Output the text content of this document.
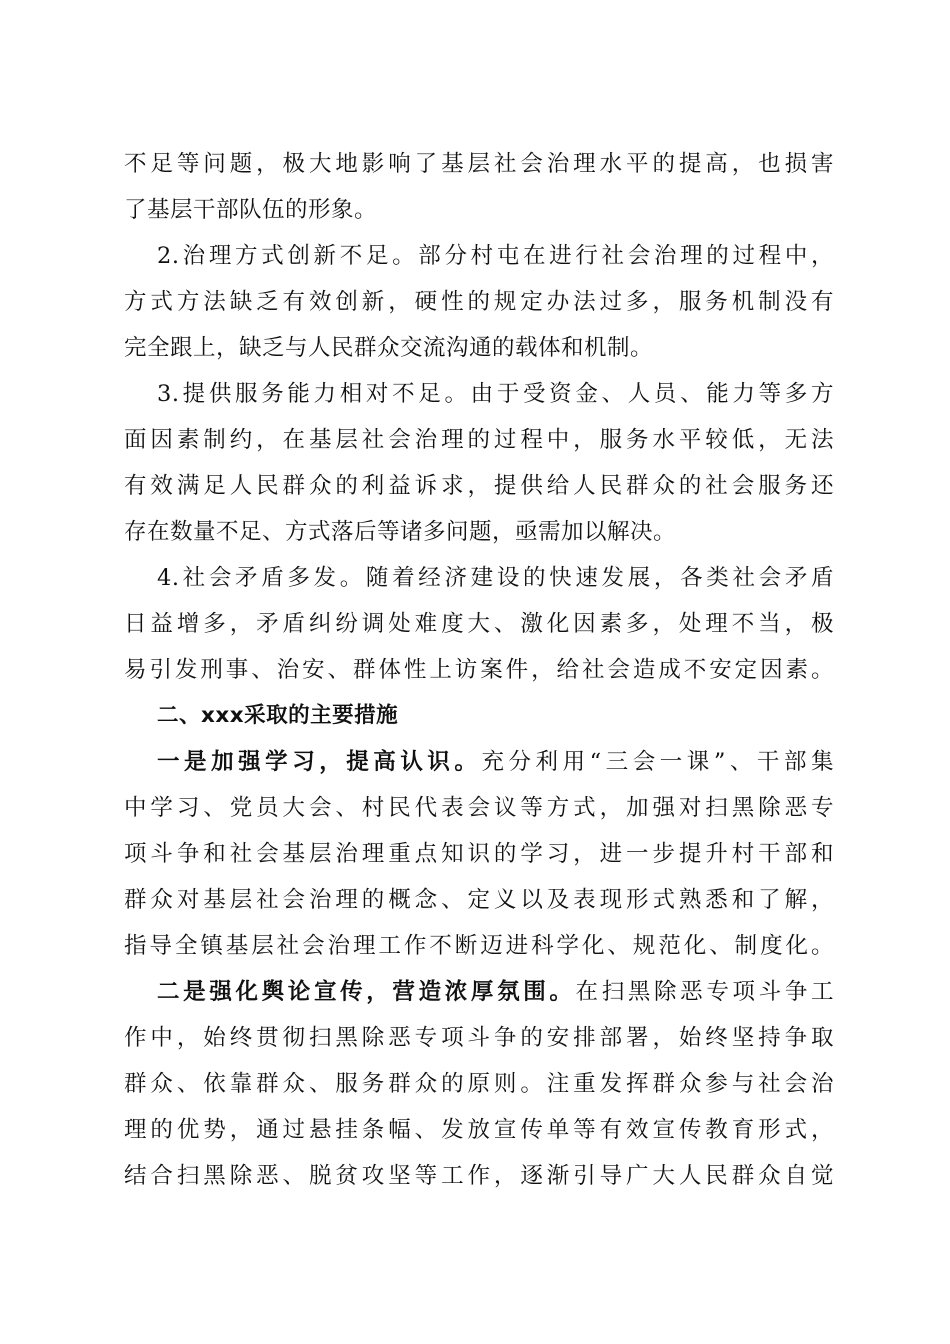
不足等问题，极大地影响了基层社会治理水平的提高，也损害
了基层干部队伍的形象。
2.治理方式创新不足。部分村屯在进行社会治理的过程中，
方式方法缺乏有效创新，硬性的规定办法过多，服务机制没有
完全跟上，缺乏与人民群众交流沟通的载体和机制。
3.提供服务能力相对不足。由于受资金、人员、能力等多方
面因素制约，在基层社会治理的过程中，服务水平较低，无法
有效满足人民群众的利益诉求，提供给人民群众的社会服务还
存在数量不足、方式落后等诸多问题，亟需加以解决。
4.社会矛盾多发。随着经济建设的快速发展，各类社会矛盾
日益增多，矛盾纠纷调处难度大、激化因素多，处理不当，极
易引发刑事、治安、群体性上访案件，给社会造成不安定因素。
二、xxx采取的主要措施
一是加强学习，提高认识。充分利用“三会一课”、干部集
中学习、党员大会、村民代表会议等方式，加强对扫黑除恶专
项斗争和社会基层治理重点知识的学习，进一步提升村干部和
群众对基层社会治理的概念、定义以及表现形式熟悉和了解，
指导全镇基层社会治理工作不断迈进科学化、规范化、制度化。
二是强化舆论宣传，营造浓厚氛围。在扫黑除恶专项斗争工
作中，始终贯彻扫黑除恶专项斗争的安排部署，始终坚持争取
群众、依靠群众、服务群众的原则。注重发挥群众参与社会治
理的优势，通过悬挂条幅、发放宣传单等有效宣传教育形式，
结合扫黑除恶、脱贫攻坚等工作，逐渐引导广大人民群众自觉
